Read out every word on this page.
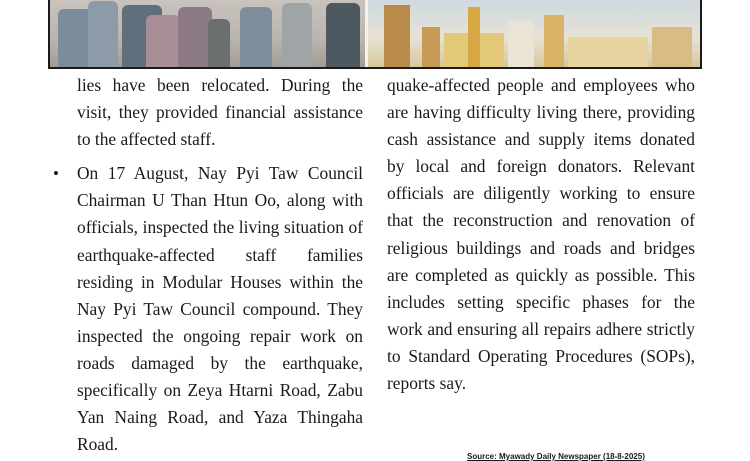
lies have been relocated. During the visit, they provided financial assistance to the affected staff.

• On 17 August, Nay Pyi Taw Council Chairman U Than Htun Oo, along with officials, inspected the living situation of earthquake-affected staff families residing in Modular Houses within the Nay Pyi Taw Council compound. They inspected the ongoing repair work on roads damaged by the earthquake, specifically on Zeya Htarni Road, Zabu Yan Naing Road, and Yaza Thingaha Road.

quake-affected people and employees who are having difficulty living there, providing cash assistance and supply items donated by local and foreign donators. Relevant officials are diligently working to ensure that the reconstruction and renovation of religious buildings and roads and bridges are completed as quickly as possible. This includes setting specific phases for the work and ensuring all repairs adhere strictly to Standard Operating Procedures (SOPs), reports say.

Source: Myawady Daily Newspaper (18-8-2025)
